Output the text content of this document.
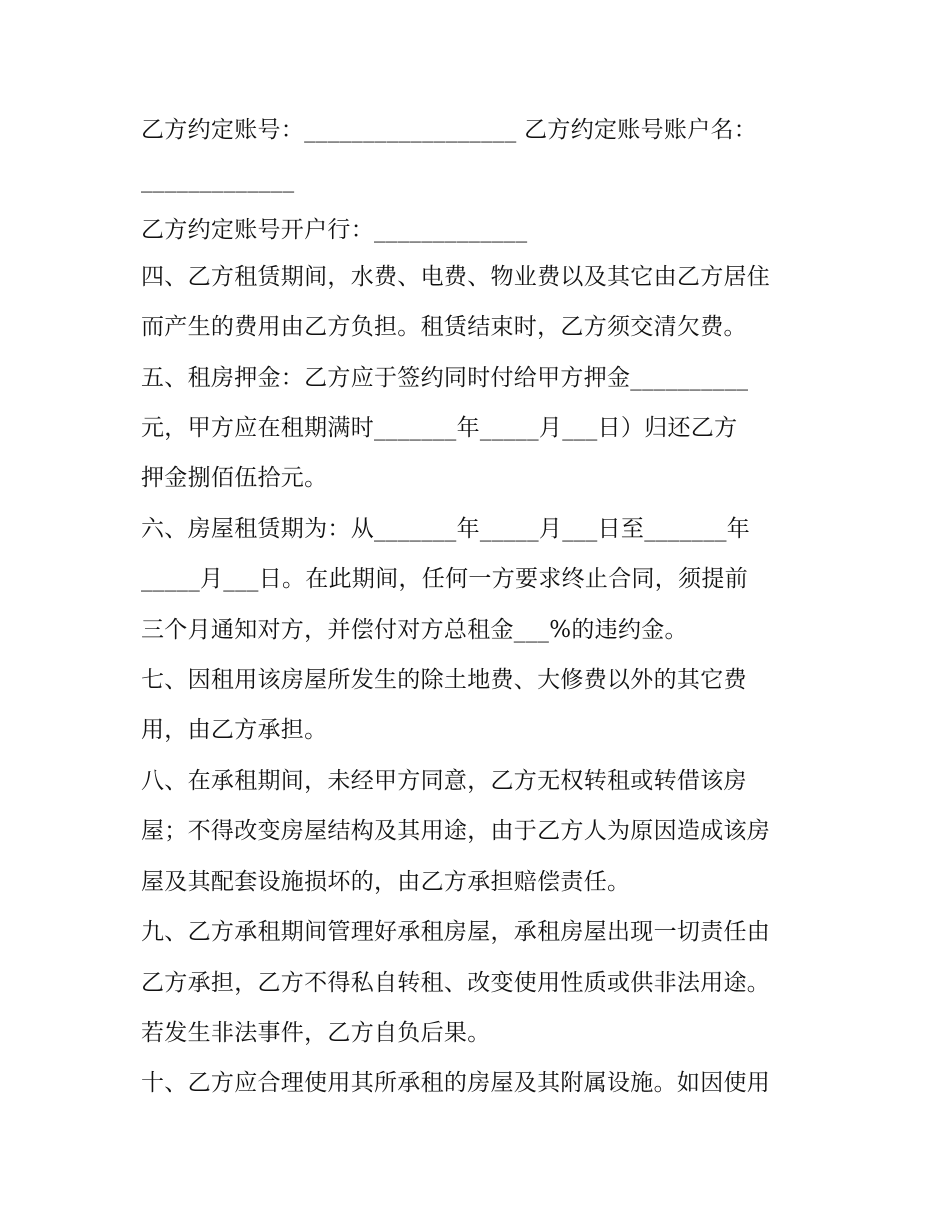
乙方约定账号：__________________ 乙方约定账号账户名：
_____________
乙方约定账号开户行：_____________
四、乙方租赁期间，水费、电费、物业费以及其它由乙方居住
而产生的费用由乙方负担。租赁结束时，乙方须交清欠费。
五、租房押金：乙方应于签约同时付给甲方押金__________
元，甲方应在租期满时_______年_____月___日）归还乙方
押金捌佰伍拾元。
六、房屋租赁期为：从_______年_____月___日至_______年
_____月___日。在此期间，任何一方要求终止合同，须提前
三个月通知对方，并偿付对方总租金___%的违约金。
七、因租用该房屋所发生的除土地费、大修费以外的其它费
用，由乙方承担。
八、在承租期间，未经甲方同意，乙方无权转租或转借该房
屋；不得改变房屋结构及其用途，由于乙方人为原因造成该房
屋及其配套设施损坏的，由乙方承担赔偿责任。
九、乙方承租期间管理好承租房屋，承租房屋出现一切责任由
乙方承担，乙方不得私自转租、改变使用性质或供非法用途。
若发生非法事件，乙方自负后果。
十、乙方应合理使用其所承租的房屋及其附属设施。如因使用
